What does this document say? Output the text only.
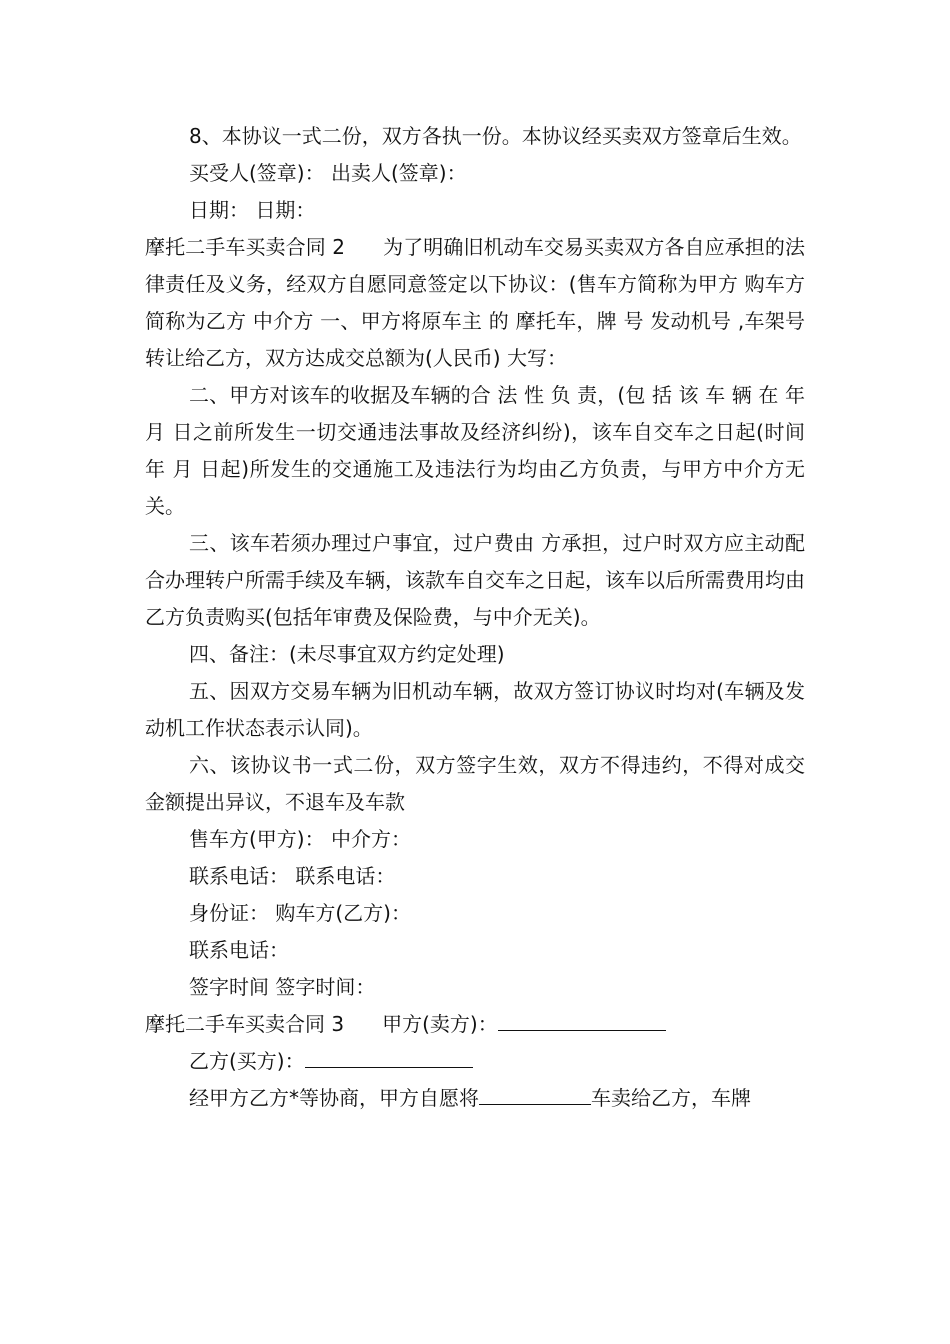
8、本协议一式二份，双方各执一份。本协议经买卖双方签章后生效。

买受人(签章)： 出卖人(签章)：

日期： 日期：

摩托二手车买卖合同 2 为了明确旧机动车交易买卖双方各自应承担的法律责任及义务，经双方自愿同意签定以下协议：(售车方简称为甲方 购车方简称为乙方 中介方 一、甲方将原车主 的 摩托车，牌 号 发动机号 ,车架号 转让给乙方，双方达成交总额为(人民币) 大写：

二、甲方对该车的收据及车辆的合 法 性 负 责，(包 括 该 车 辆 在 年 月 日之前所发生一切交通违法事故及经济纠纷)，该车自交车之日起(时间 年 月 日起)所发生的交通施工及违法行为均由乙方负责，与甲方中介方无关。

三、该车若须办理过户事宜，过户费由 方承担，过户时双方应主动配合办理转户所需手续及车辆，该款车自交车之日起，该车以后所需费用均由乙方负责购买(包括年审费及保险费，与中介无关)。

四、备注：(未尽事宜双方约定处理)

五、因双方交易车辆为旧机动车辆，故双方签订协议时均对(车辆及发动机工作状态表示认同)。

六、该协议书一式二份，双方签字生效，双方不得违约，不得对成交金额提出异议，不退车及车款

售车方(甲方)： 中介方：

联系电话： 联系电话：

身份证： 购车方(乙方)：

联系电话：

签字时间 签字时间：

摩托二手车买卖合同 3 甲方(卖方)：

乙方(买方)：

经甲方乙方*等协商，甲方自愿将	车卖给乙方，车牌
